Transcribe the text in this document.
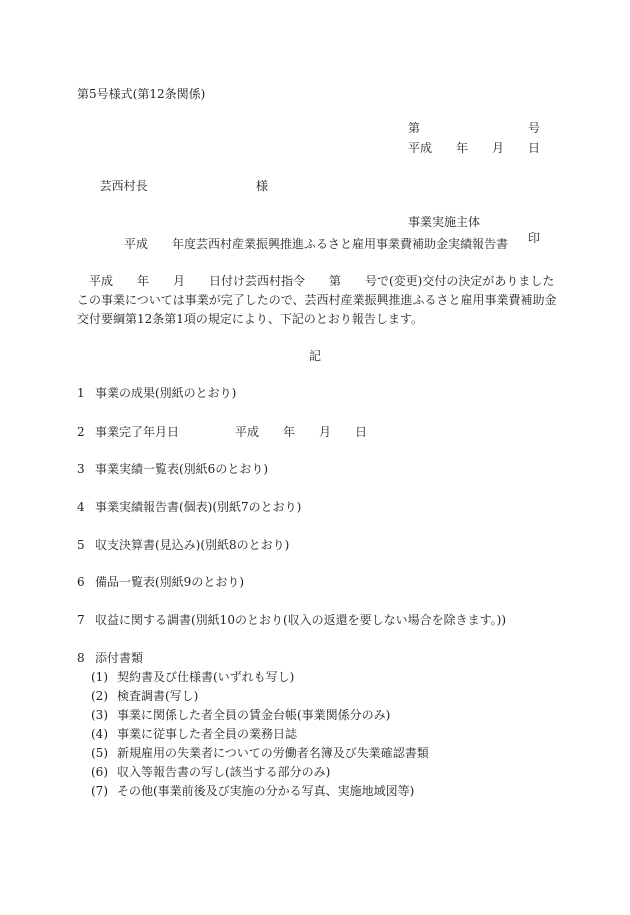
第5号様式(第12条関係)

第　　　　　　　　　号

平成　　年　　月　　日

芸西村長	様

事業実施主体

印

平成　　年度芸西村産業振興推進ふるさと雇用事業費補助金実績報告書
平成　　年　　月　　日付け芸西村指令　　第　　号で(変更)交付の決定がありましたこの事業については事業が完了したので、芸西村産業振興推進ふるさと雇用事業費補助金交付要綱第12条第1項の規定により、下記のとおり報告します。
記
1 事業の成果(別紙のとおり)
2 事業完了年月日	平成　　年　　月　　日
3 事業実績一覧表(別紙6のとおり)
4 事業実績報告書(個表)(別紙7のとおり)
5 収支決算書(見込み)(別紙8のとおり)
6 備品一覧表(別紙9のとおり)
7 収益に関する調書(別紙10のとおり(収入の返還を要しない場合を除きます。))
8 添付書類
(1) 契約書及び仕様書(いずれも写し)
(2) 検査調書(写し)
(3) 事業に関係した者全員の賃金台帳(事業関係分のみ)
(4) 事業に従事した者全員の業務日誌
(5) 新規雇用の失業者についての労働者名簿及び失業確認書類
(6) 収入等報告書の写し(該当する部分のみ)
(7) その他(事業前後及び実施の分かる写真、実施地域図等)
